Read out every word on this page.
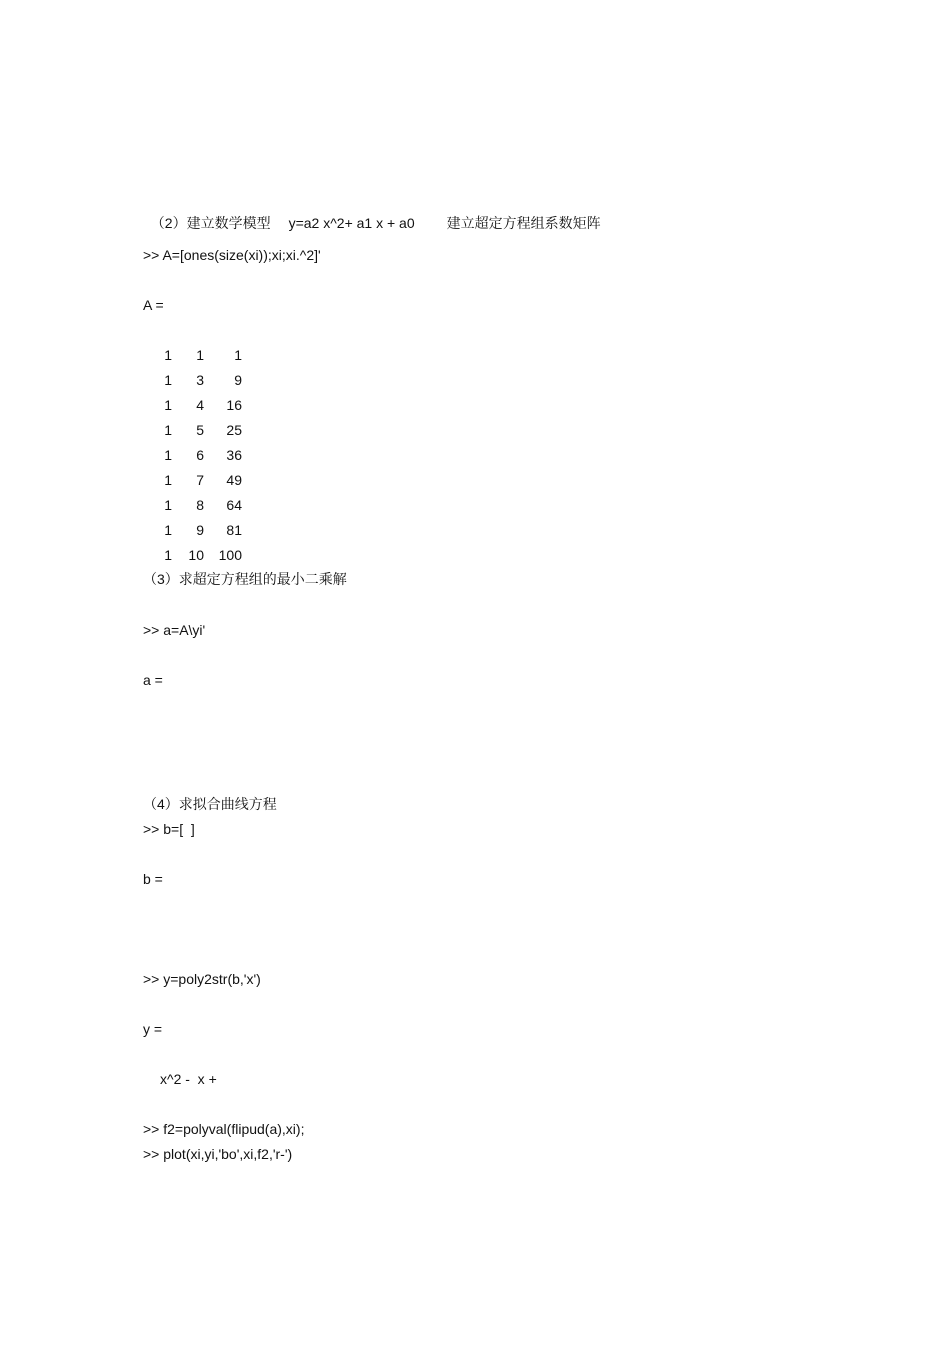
（2）建立数学模型 y=a2 x^2+ a1 x + a0 建立超定方程组系数矩阵

>> A=[ones(size(xi));xi;xi.^2]'
A =
1	1	1
1	3	9
1	4	16
1	5	25
1	6	36
1	7	49
1	8	64
1	9	81
1	10	100
（3）求超定方程组的最小二乘解
>> a=A\yi'
a =
（4）求拟合曲线方程
>> b=[  ]
b =
>> y=poly2str(b,'x')
y =
x^2 -  x +
>> f2=polyval(flipud(a),xi);
>> plot(xi,yi,'bo',xi,f2,'r-')
